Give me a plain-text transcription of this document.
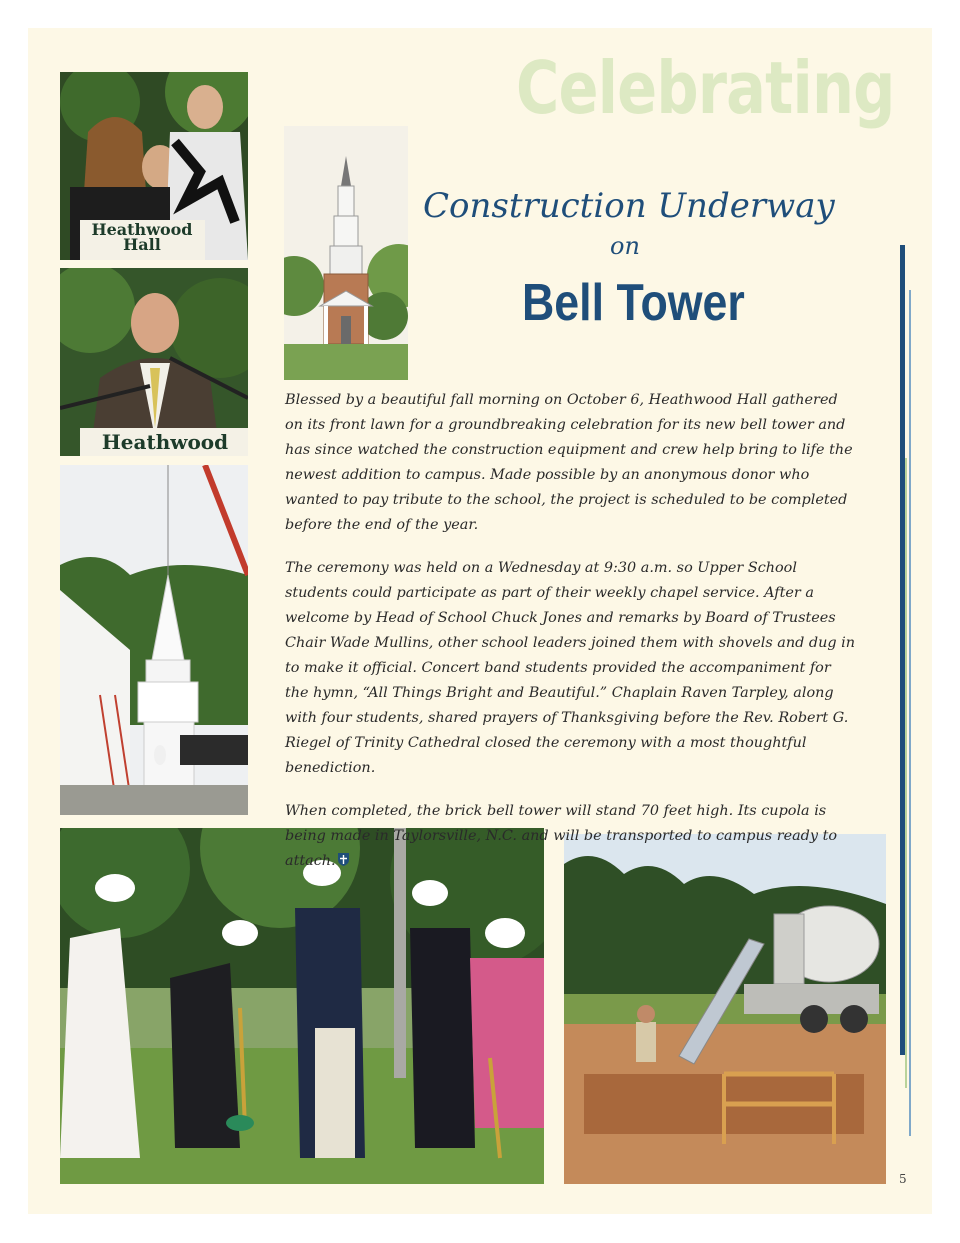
Heathwood Hall
Heathwood
Celebrating
Construction Underway
on
Bell Tower

Blessed by a beautiful fall morning on October 6, Heathwood Hall gathered on its front lawn for a groundbreaking celebration for its new bell tower and has since watched the construction equipment and crew help bring to life the newest addition to campus. Made possible by an anonymous donor who wanted to pay tribute to the school, the project is scheduled to be completed before the end of the year.

The ceremony was held on a Wednesday at 9:30 a.m. so Upper School students could participate as part of their weekly chapel service. After a welcome by Head of School Chuck Jones and remarks by Board of Trustees Chair Wade Mullins, other school leaders joined them with shovels and dug in to make it official. Concert band students provided the accompaniment for the hymn, “All Things Bright and Beautiful.” Chaplain Raven Tarpley, along with four students, shared prayers of Thanksgiving before the Rev. Robert G. Riegel of Trinity Cathedral closed the ceremony with a most thoughtful benediction.

When completed, the brick bell tower will stand 70 feet high. Its cupola is being made in Taylorsville, N.C. and will be transported to campus ready to attach.

5
